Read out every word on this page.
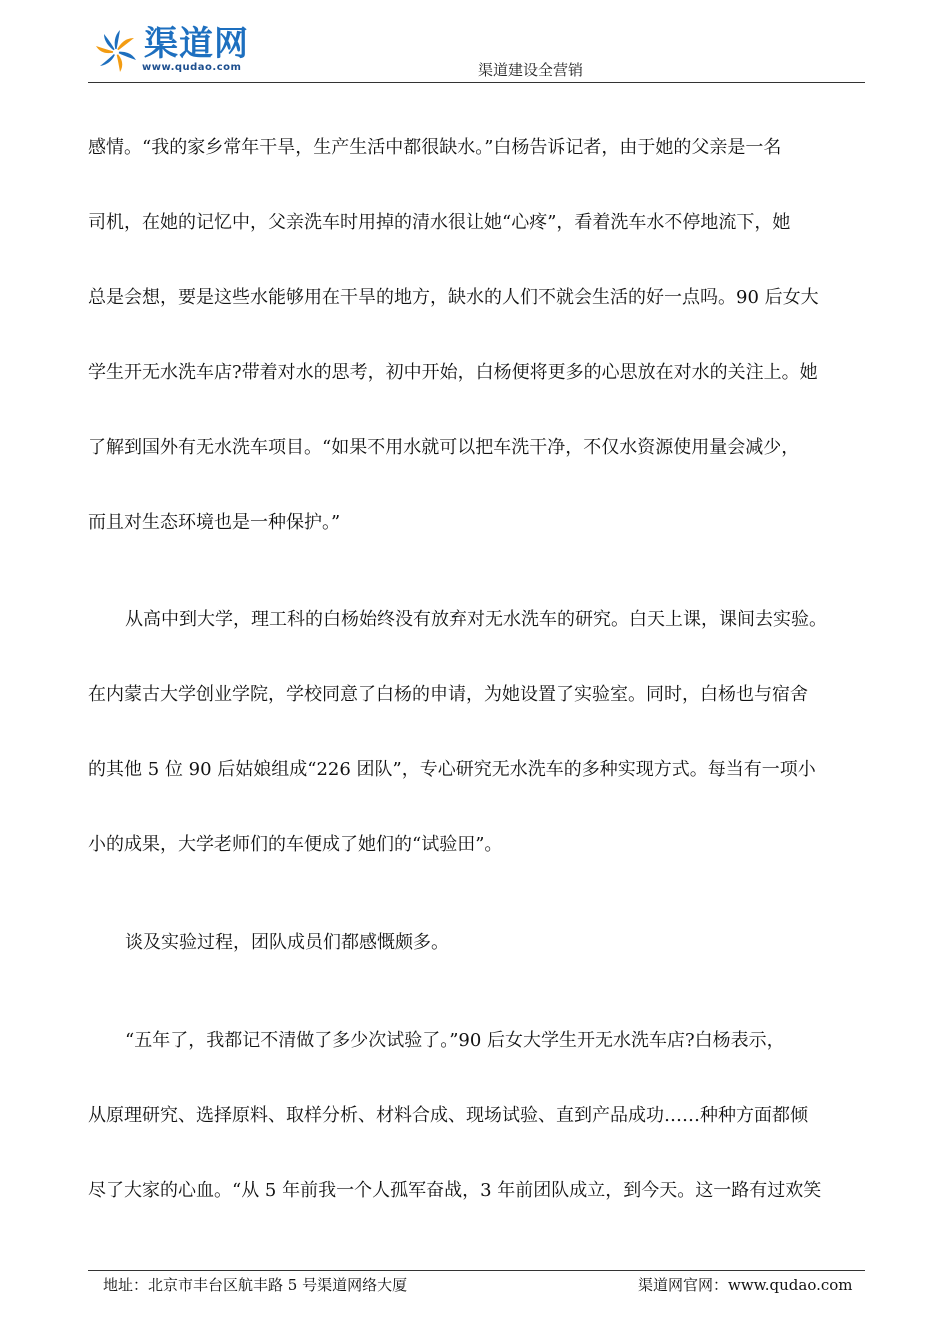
渠道网
www.qudao.com	渠道建设全营销
感情。“我的家乡常年干旱，生产生活中都很缺水。”白杨告诉记者，由于她的父亲是一名
司机，在她的记忆中，父亲洗车时用掉的清水很让她“心疼”，看着洗车水不停地流下，她
总是会想，要是这些水能够用在干旱的地方，缺水的人们不就会生活的好一点吗。90 后女大
学生开无水洗车店?带着对水的思考，初中开始，白杨便将更多的心思放在对水的关注上。她
了解到国外有无水洗车项目。“如果不用水就可以把车洗干净，不仅水资源使用量会减少，
而且对生态环境也是一种保护。”
从高中到大学，理工科的白杨始终没有放弃对无水洗车的研究。白天上课，课间去实验。
在内蒙古大学创业学院，学校同意了白杨的申请，为她设置了实验室。同时，白杨也与宿舍
的其他 5 位 90 后姑娘组成“226 团队”，专心研究无水洗车的多种实现方式。每当有一项小
小的成果，大学老师们的车便成了她们的“试验田”。
谈及实验过程，团队成员们都感慨颇多。
“五年了，我都记不清做了多少次试验了。”90 后女大学生开无水洗车店?白杨表示，
从原理研究、选择原料、取样分析、材料合成、现场试验、直到产品成功……种种方面都倾
尽了大家的心血。“从 5 年前我一个人孤军奋战，3 年前团队成立，到今天。这一路有过欢笑
地址：北京市丰台区航丰路 5 号渠道网络大厦	渠道网官网：www.qudao.com
